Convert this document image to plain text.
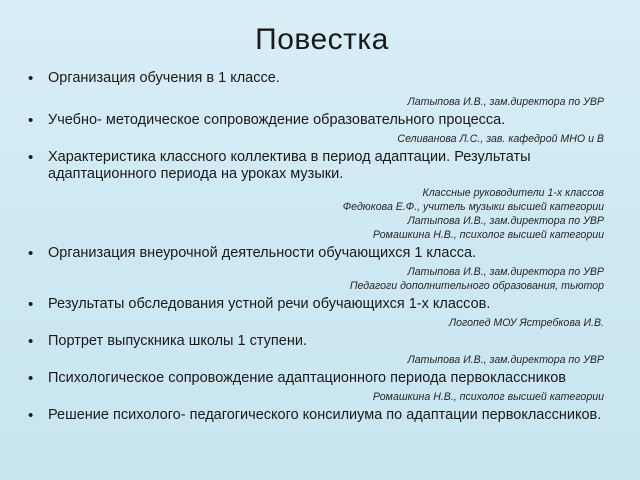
Повестка
• Организация обучения в 1 классе.
Латыпова И.В., зам.директора по УВР
• Учебно- методическое сопровождение образовательного процесса.
Селиванова Л.С., зав. кафедрой МНО и В
• Характеристика классного коллектива в период адаптации. Результаты адаптационного периода на уроках музыки.
Классные руководители 1-х классов
Федюкова Е.Ф., учитель музыки высшей категории
Латыпова И.В., зам.директора по УВР
Ромашкина Н.В., психолог высшей категории
• Организация внеурочной деятельности обучающихся 1 класса.
Латыпова И.В., зам.директора по УВР
Педагоги дополнительного образования, тьютор
• Результаты обследования устной речи обучающихся 1-х классов.
Логопед МОУ Ястребкова И.В.
• Портрет выпускника школы 1 ступени.
Латыпова И.В., зам.директора по УВР
• Психологическое сопровождение адаптационного периода первоклассников
Ромашкина Н.В., психолог высшей категории
• Решение психолого- педагогического консилиума по адаптации первоклассников.
